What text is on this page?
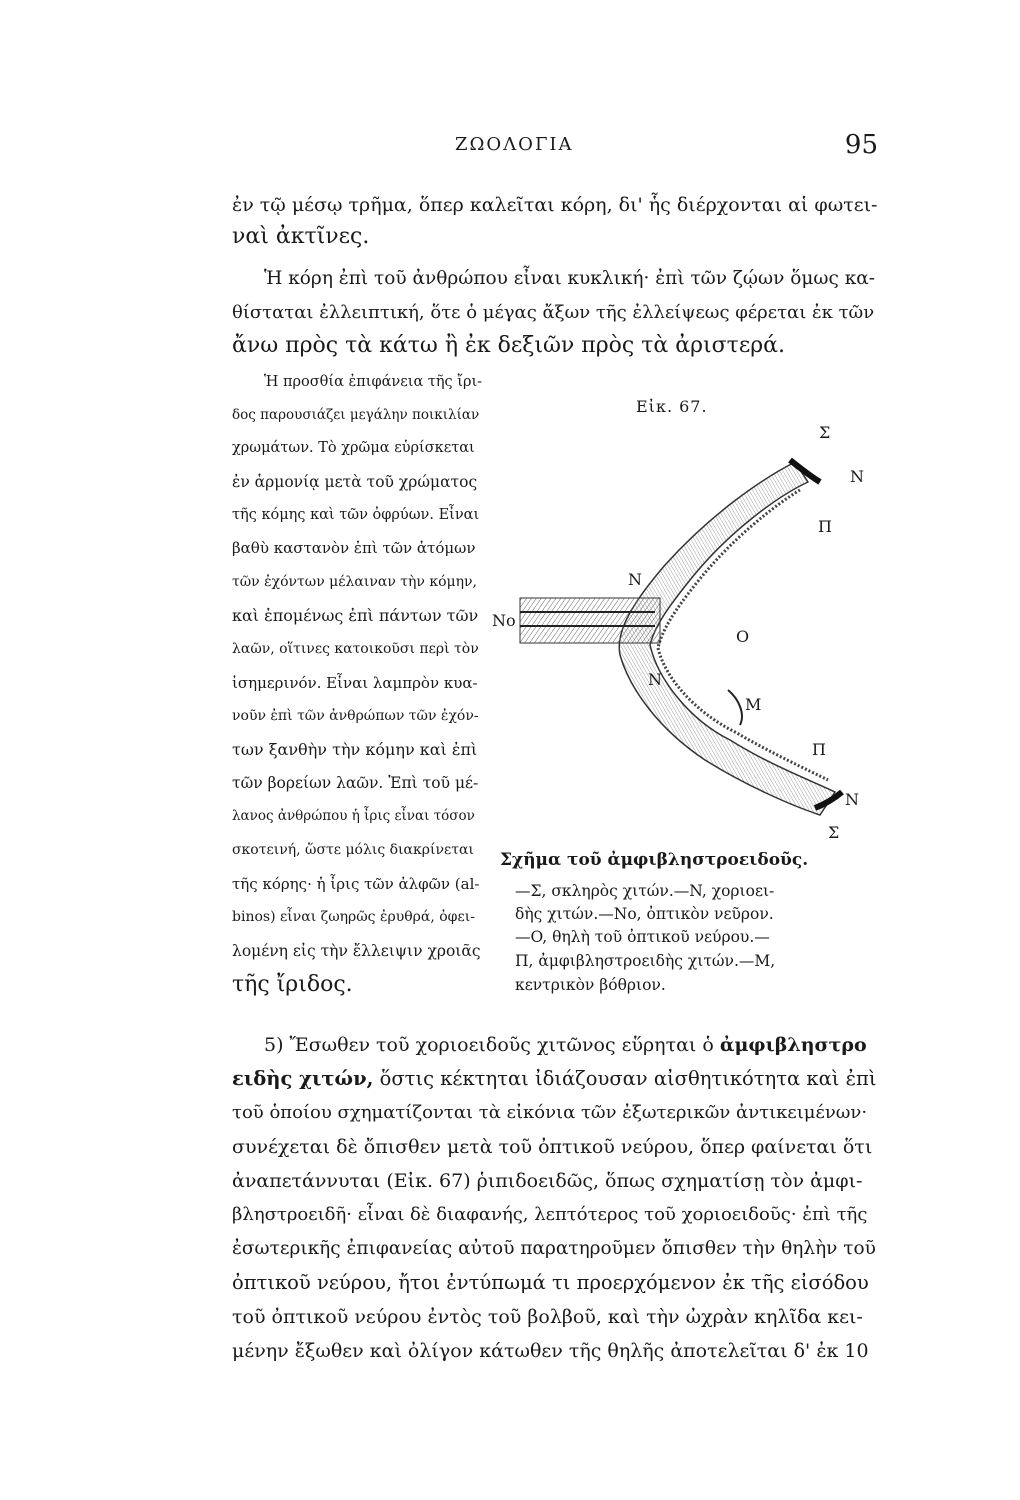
ΖΩΟΛΟΓΙΑ	95
ἐν τῷ μέσῳ τρῆμα, ὅπερ καλεῖται κόρη, δι' ἧς διέρχονται αἱ φωτει-
ναὶ ἀκτῖνες.
Ἡ κόρη ἐπὶ τοῦ ἀνθρώπου εἶναι κυκλική· ἐπὶ τῶν ζῴων ὅμως κα-
θίσταται ἐλλειπτική, ὅτε ὁ μέγας ἄξων τῆς ἐλλείψεως φέρεται ἐκ τῶν
ἄνω πρὸς τὰ κάτω ἢ ἐκ δεξιῶν πρὸς τὰ ἀριστερά.
Ἡ προσθία ἐπιφάνεια τῆς ἴρι-
δος παρουσιάζει μεγάλην ποικιλίαν
χρωμάτων. Τὸ χρῶμα εὑρίσκεται
ἐν ἁρμονίᾳ μετὰ τοῦ χρώματος
τῆς κόμης καὶ τῶν ὀφρύων. Εἶναι
βαθὺ καστανὸν ἐπὶ τῶν ἀτόμων
τῶν ἐχόντων μέλαιναν τὴν κόμην,
καὶ ἑπομένως ἐπὶ πάντων τῶν
λαῶν, οἵτινες κατοικοῦσι περὶ τὸν
ἰσημερινόν. Εἶναι λαμπρὸν κυα-
νοῦν ἐπὶ τῶν ἀνθρώπων τῶν ἐχόν-
των ξανθὴν τὴν κόμην καὶ ἐπὶ
τῶν βορείων λαῶν. Ἐπὶ τοῦ μέ-
λανος ἀνθρώπου ἡ ἶρις εἶναι τόσον
σκοτεινή, ὥστε μόλις διακρίνεται
τῆς κόρης· ἡ ἶρις τῶν ἀλφῶν (al-
binos) εἶναι ζωηρῶς ἐρυθρά, ὀφει-
λομένη εἰς τὴν ἔλλειψιν χροιᾶς
τῆς ἴριδος.
Εἰκ. 67.
Σ
N
Π
N
No
O
N
M
Π
N
Σ
Σχῆμα τοῦ ἀμφιβληστροειδοῦς.
—Σ, σκληρὸς χιτών.—N, χοριοει-
δὴς χιτών.—No, ὀπτικὸν νεῦρον.
—O, θηλὴ τοῦ ὀπτικοῦ νεύρου.—
Π, ἀμφιβληστροειδὴς χιτών.—M,
κεντρικὸν βόθριον.
5) Ἔσωθεν τοῦ χοριοειδοῦς χιτῶνος εὕρηται ὁ ἀμφιβληστρο
ειδὴς χιτών, ὅστις κέκτηται ἰδιάζουσαν αἰσθητικότητα καὶ ἐπὶ
τοῦ ὁποίου σχηματίζονται τὰ εἰκόνια τῶν ἐξωτερικῶν ἀντικειμένων·
συνέχεται δὲ ὄπισθεν μετὰ τοῦ ὀπτικοῦ νεύρου, ὅπερ φαίνεται ὅτι
ἀναπετάννυται (Εἰκ. 67) ῥιπιδοειδῶς, ὅπως σχηματίσῃ τὸν ἀμφι-
βληστροειδῆ· εἶναι δὲ διαφανής, λεπτότερος τοῦ χοριοειδοῦς· ἐπὶ τῆς
ἐσωτερικῆς ἐπιφανείας αὐτοῦ παρατηροῦμεν ὄπισθεν τὴν θηλὴν τοῦ
ὀπτικοῦ νεύρου, ἤτοι ἐντύπωμά τι προερχόμενον ἐκ τῆς εἰσόδου
τοῦ ὀπτικοῦ νεύρου ἐντὸς τοῦ βολβοῦ, καὶ τὴν ὠχρὰν κηλῖδα κει-
μένην ἔξωθεν καὶ ὀλίγον κάτωθεν τῆς θηλῆς ἀποτελεῖται δ' ἐκ 10
